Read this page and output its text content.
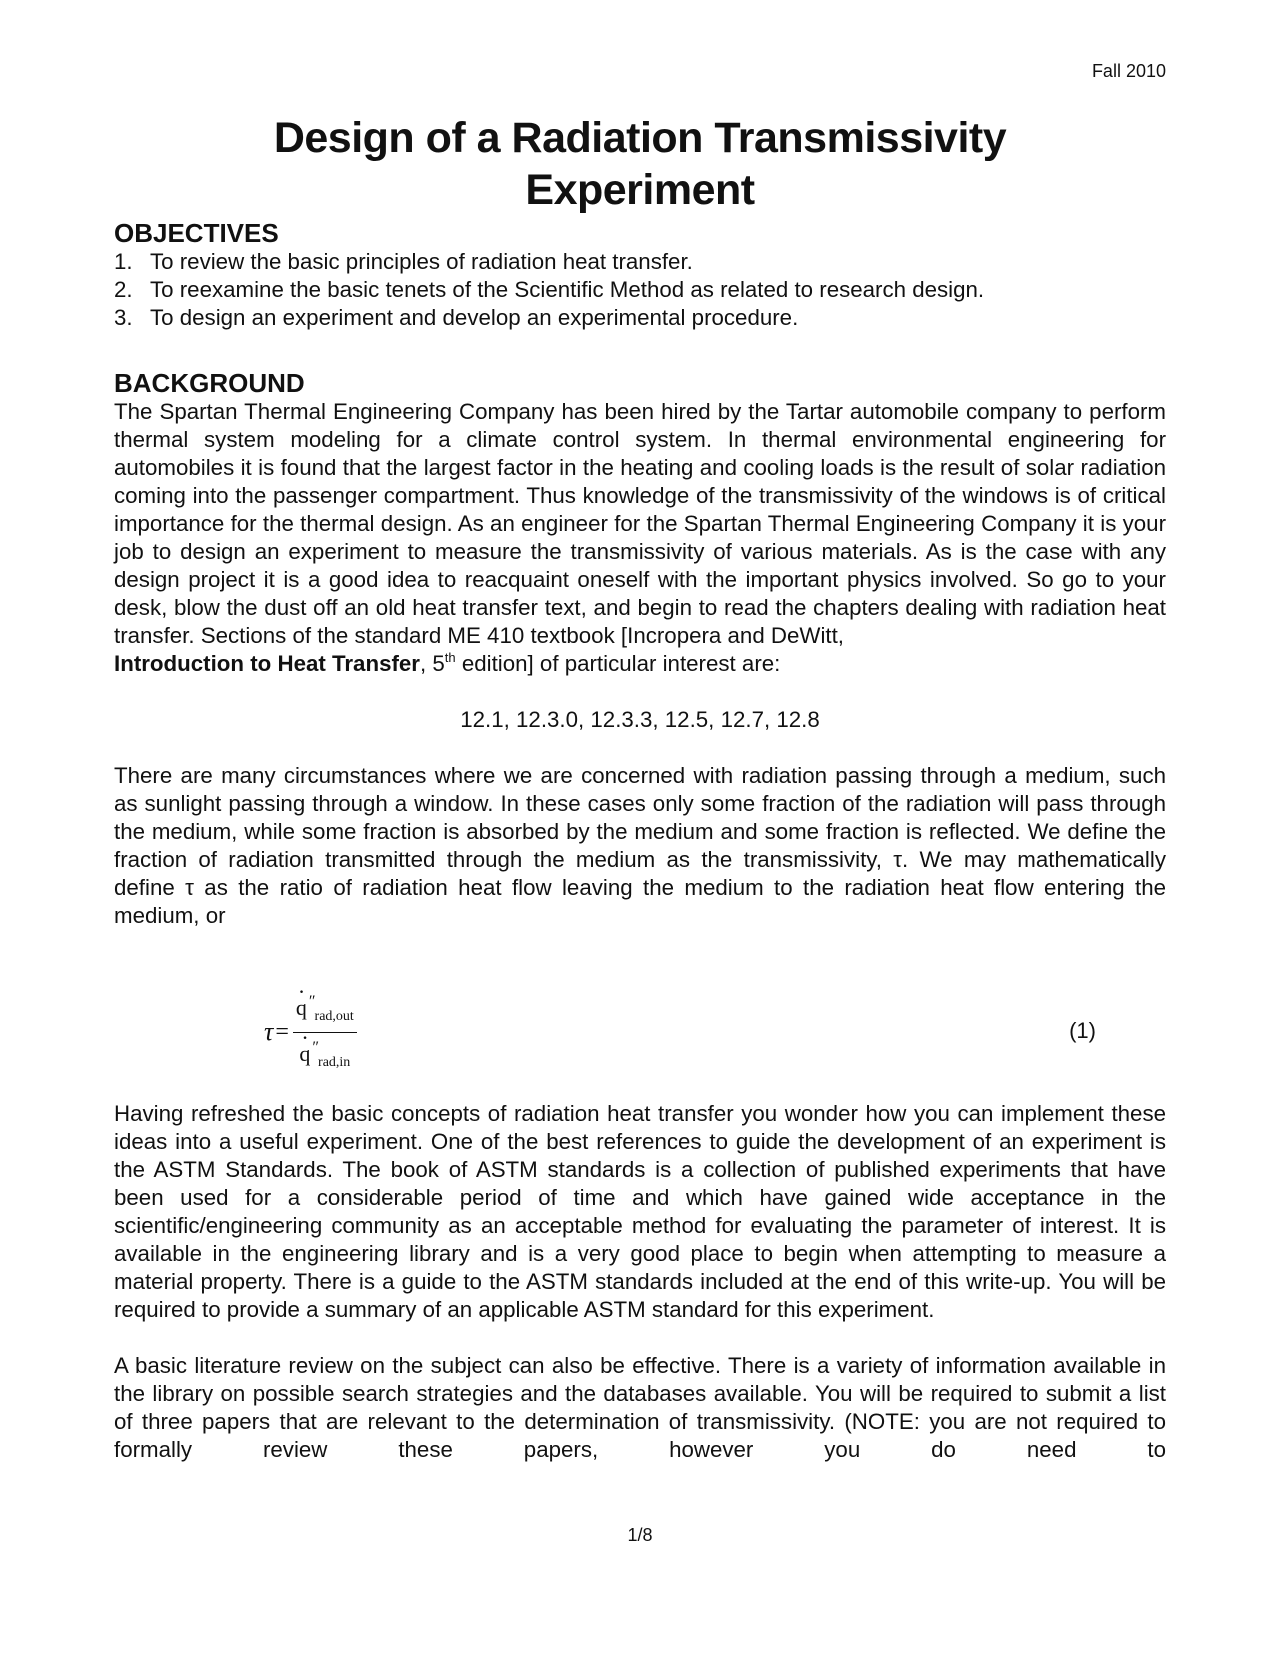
Fall 2010
Design of a Radiation Transmissivity
Experiment
OBJECTIVES
1. To review the basic principles of radiation heat transfer.
2. To reexamine the basic tenets of the Scientific Method as related to research design.
3. To design an experiment and develop an experimental procedure.
BACKGROUND

The Spartan Thermal Engineering Company has been hired by the Tartar automobile company to perform thermal system modeling for a climate control system. In thermal environmental engineering for automobiles it is found that the largest factor in the heating and cooling loads is the result of solar radiation coming into the passenger compartment. Thus knowledge of the transmissivity of the windows is of critical importance for the thermal design. As an engineer for the Spartan Thermal Engineering Company it is your job to design an experiment to measure the transmissivity of various materials. As is the case with any design project it is a good idea to reacquaint oneself with the important physics involved. So go to your desk, blow the dust off an old heat transfer text, and begin to read the chapters dealing with radiation heat transfer. Sections of the standard ME 410 textbook [Incropera and DeWitt,
Introduction to Heat Transfer, 5th edition] of particular interest are:

12.1, 12.3.0, 12.3.3, 12.5, 12.7, 12.8

There are many circumstances where we are concerned with radiation passing through a medium, such as sunlight passing through a window. In these cases only some fraction of the radiation will pass through the medium, while some fraction is absorbed by the medium and some fraction is reflected. We define the fraction of radiation transmitted through the medium as the transmissivity, τ. We may mathematically define τ as the ratio of radiation heat flow leaving the medium to the radiation heat flow entering the medium, or

τ = · $q''_{rad,out}$
· $q''_{rad,in}$	(1)

Having refreshed the basic concepts of radiation heat transfer you wonder how you can implement these ideas into a useful experiment. One of the best references to guide the development of an experiment is the ASTM Standards. The book of ASTM standards is a collection of published experiments that have been used for a considerable period of time and which have gained wide acceptance in the scientific/engineering community as an acceptable method for evaluating the parameter of interest. It is available in the engineering library and is a very good place to begin when attempting to measure a material property. There is a guide to the ASTM standards included at the end of this write-up. You will be required to provide a summary of an applicable ASTM standard for this experiment.

A basic literature review on the subject can also be effective. There is a variety of information available in the library on possible search strategies and the databases available. You will be required to submit a list of three papers that are relevant to the determination of transmissivity. (NOTE: you are not required to formally review these papers, however you do need to

1/8
